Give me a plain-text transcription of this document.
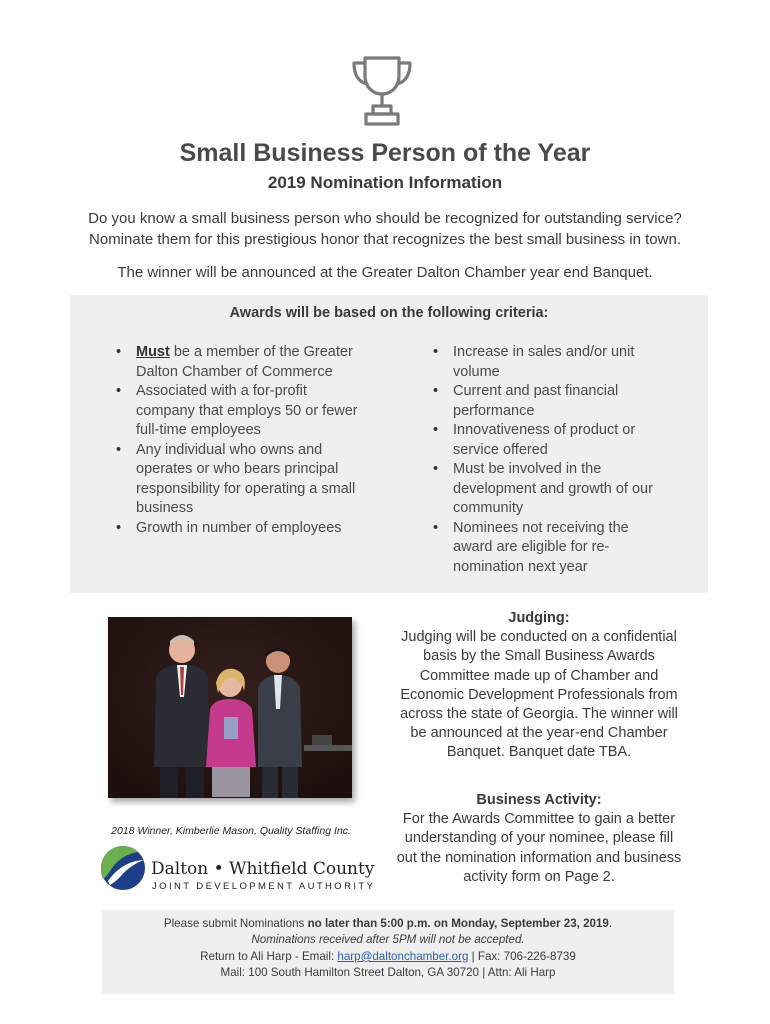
Small Business Person of the Year
2019 Nomination Information
Do you know a small business person who should be recognized for outstanding service?
Nominate them for this prestigious honor that recognizes the best small business in town.
The winner will be announced at the Greater Dalton Chamber year end Banquet.
Awards will be based on the following criteria:
• Must be a member of the Greater Dalton Chamber of Commerce
• Associated with a for-profit company that employs 50 or fewer full-time employees
• Any individual who owns and operates or who bears principal responsibility for operating a small business
• Growth in number of employees
• Increase in sales and/or unit volume
• Current and past financial performance
• Innovativeness of product or service offered
• Must be involved in the development and growth of our community
• Nominees not receiving the award are eligible for re-nomination next year
2018 Winner, Kimberlie Mason, Quality Staffing Inc.
Dalton • Whitfield County
JOINT DEVELOPMENT AUTHORITY
Judging:
Judging will be conducted on a confidential basis by the Small Business Awards Committee made up of Chamber and Economic Development Professionals from across the state of Georgia. The winner will be announced at the year-end Chamber Banquet. Banquet date TBA.
Business Activity:
For the Awards Committee to gain a better understanding of your nominee, please fill out the nomination information and business activity form on Page 2.
Please submit Nominations no later than 5:00 p.m. on Monday, September 23, 2019.
Nominations received after 5PM will not be accepted.
Return to Ali Harp - Email: harp@daltonchamber.org | Fax: 706-226-8739
Mail: 100 South Hamilton Street Dalton, GA 30720 | Attn: Ali Harp
